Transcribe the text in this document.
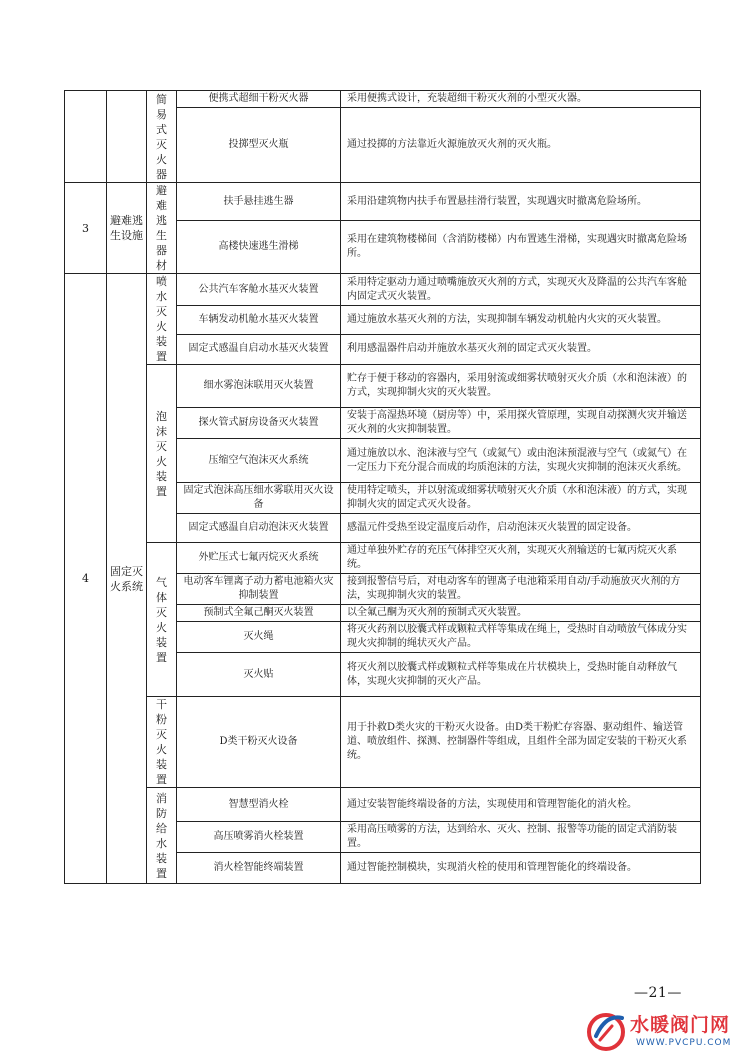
		简易式灭火器	便携式超细干粉灭火器	采用便携式设计，充装超细干粉灭火剂的小型灭火器。
			投掷型灭火瓶	通过投掷的方法靠近火源施放灭火剂的灭火瓶。
3	避难逃生设施	避难逃生器材	扶手悬挂逃生器	采用沿建筑物内扶手布置悬挂滑行装置，实现遇灾时撤离危险场所。
			高楼快速逃生滑梯	采用在建筑物楼梯间（含消防楼梯）内布置逃生滑梯，实现遇灾时撤离危险场所。
4	固定灭火系统	喷水灭火装置	公共汽车客舱水基灭火装置	采用特定驱动力通过喷嘴施放灭火剂的方式，实现灭火及降温的公共汽车客舱内固定式灭火装置。
			车辆发动机舱水基灭火装置	通过施放水基灭火剂的方法，实现抑制车辆发动机舱内火灾的灭火装置。
			固定式感温自启动水基灭火装置	利用感温器件启动并施放水基灭火剂的固定式灭火装置。
		泡沫灭火装置	细水雾泡沫联用灭火装置	贮存于便于移动的容器内，采用射流或细雾状喷射灭火介质（水和泡沫液）的方式，实现抑制火灾的灭火装置。
			探火管式厨房设备灭火装置	安装于高湿热环境（厨房等）中，采用探火管原理，实现自动探测火灾并输送灭火剂的火灾抑制装置。
			压缩空气泡沫灭火系统	通过施放以水、泡沫液与空气（或氮气）或由泡沫预混液与空气（或氮气）在一定压力下充分混合而成的均质泡沫的方法，实现火灾抑制的泡沫灭火系统。
			固定式泡沫高压细水雾联用灭火设备	使用特定喷头，并以射流或细雾状喷射灭火介质（水和泡沫液）的方式，实现抑制火灾的固定式灭火设备。
			固定式感温自启动泡沫灭火装置	感温元件受热至设定温度后动作，启动泡沫灭火装置的固定设备。
		气体灭火装置	外贮压式七氟丙烷灭火系统	通过单独外贮存的充压气体排空灭火剂，实现灭火剂输送的七氟丙烷灭火系统。
			电动客车锂离子动力蓄电池箱火灾抑制装置	接到报警信号后，对电动客车的锂离子电池箱采用自动/手动施放灭火剂的方法，实现抑制火灾的装置。
			预制式全氟己酮灭火装置	以全氟己酮为灭火剂的预制式灭火装置。
			灭火绳	将灭火药剂以胶囊式样或颗粒式样等集成在绳上，受热时自动喷放气体成分实现火灾抑制的绳状灭火产品。
			灭火贴	将灭火剂以胶囊式样或颗粒式样等集成在片状模块上，受热时能自动释放气体，实现火灾抑制的灭火产品。
		干粉灭火装置	D类干粉灭火设备	用于扑救D类火灾的干粉灭火设备。由D类干粉贮存容器、驱动组件、输送管道、喷放组件、探测、控制器件等组成，且组件全部为固定安装的干粉灭火系统。
		消防给水装置	智慧型消火栓	通过安装智能终端设备的方法，实现使用和管理智能化的消火栓。
			高压喷雾消火栓装置	采用高压喷雾的方法，达到给水、灭火、控制、报警等功能的固定式消防装置。
			消火栓智能终端装置	通过智能控制模块，实现消火栓的使用和管理智能化的终端设备。
—21—
水暖阀门网
WWW.PVCPU.COM
